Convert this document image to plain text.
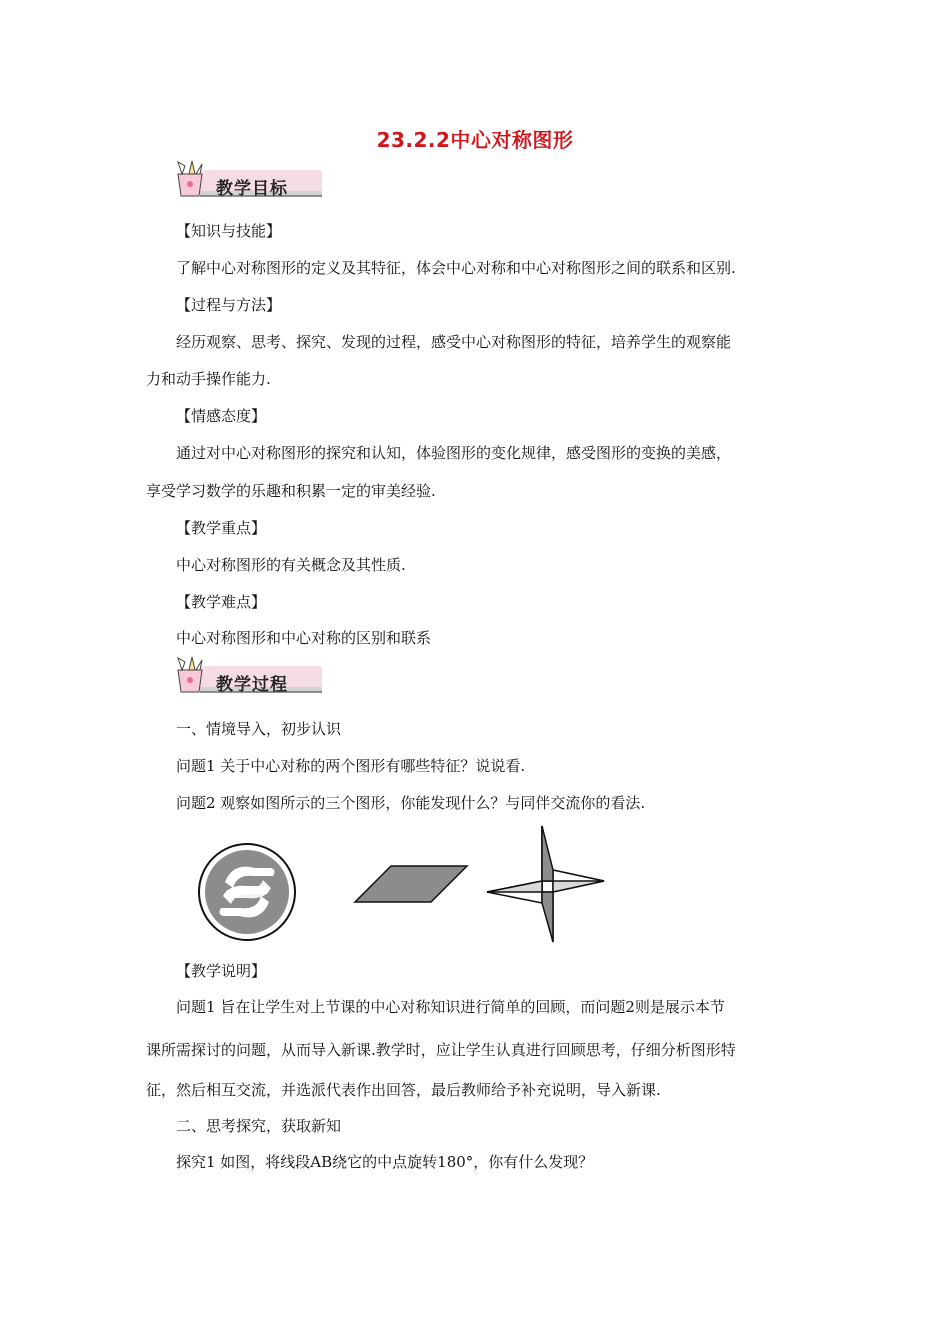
23.2.2中心对称图形
教学目标
【知识与技能】
了解中心对称图形的定义及其特征，体会中心对称和中心对称图形之间的联系和区别.
【过程与方法】
经历观察、思考、探究、发现的过程，感受中心对称图形的特征，培养学生的观察能
力和动手操作能力.
【情感态度】
通过对中心对称图形的探究和认知，体验图形的变化规律，感受图形的变换的美感，
享受学习数学的乐趣和积累一定的审美经验.
【教学重点】
中心对称图形的有关概念及其性质.
【教学难点】
中心对称图形和中心对称的区别和联系
教学过程
一、情境导入，初步认识
问题1 关于中心对称的两个图形有哪些特征？说说看.
问题2 观察如图所示的三个图形，你能发现什么？与同伴交流你的看法.
【教学说明】
问题1 旨在让学生对上节课的中心对称知识进行简单的回顾，而问题2则是展示本节
课所需探讨的问题，从而导入新课.教学时，应让学生认真进行回顾思考，仔细分析图形特
征，然后相互交流，并选派代表作出回答，最后教师给予补充说明，导入新课.
二、思考探究，获取新知
探究1 如图，将线段AB绕它的中点旋转180°，你有什么发现？
